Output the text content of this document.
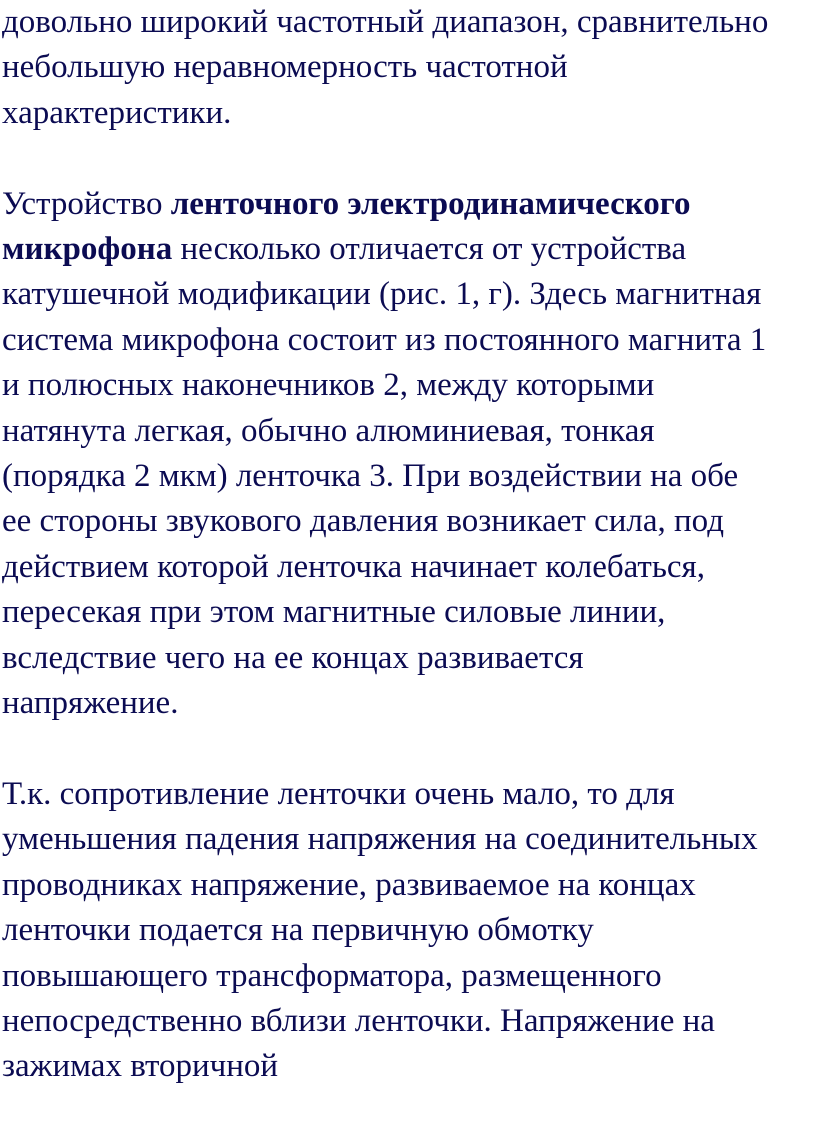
довольно широкий частотный диапазон, сравнительно
небольшую неравномерность частотной
характеристики.
Устройство ленточного электродинамического
микрофона несколько отличается от устройства
катушечной модификации (рис. 1, г). Здесь магнитная
система микрофона состоит из постоянного магнита 1
и полюсных наконечников 2, между которыми
натянута легкая, обычно алюминиевая, тонкая
(порядка 2 мкм) ленточка 3. При воздействии на обе
ее стороны звукового давления возникает сила, под
действием которой ленточка начинает колебаться,
пересекая при этом магнитные силовые линии,
вследствие чего на ее концах развивается
напряжение.
Т.к. сопротивление ленточки очень мало, то для
уменьшения падения напряжения на соединительных
проводниках напряжение, развиваемое на концах
ленточки подается на первичную обмотку
повышающего трансформатора, размещенного
непосредственно вблизи ленточки. Напряжение на
зажимах вторичной
